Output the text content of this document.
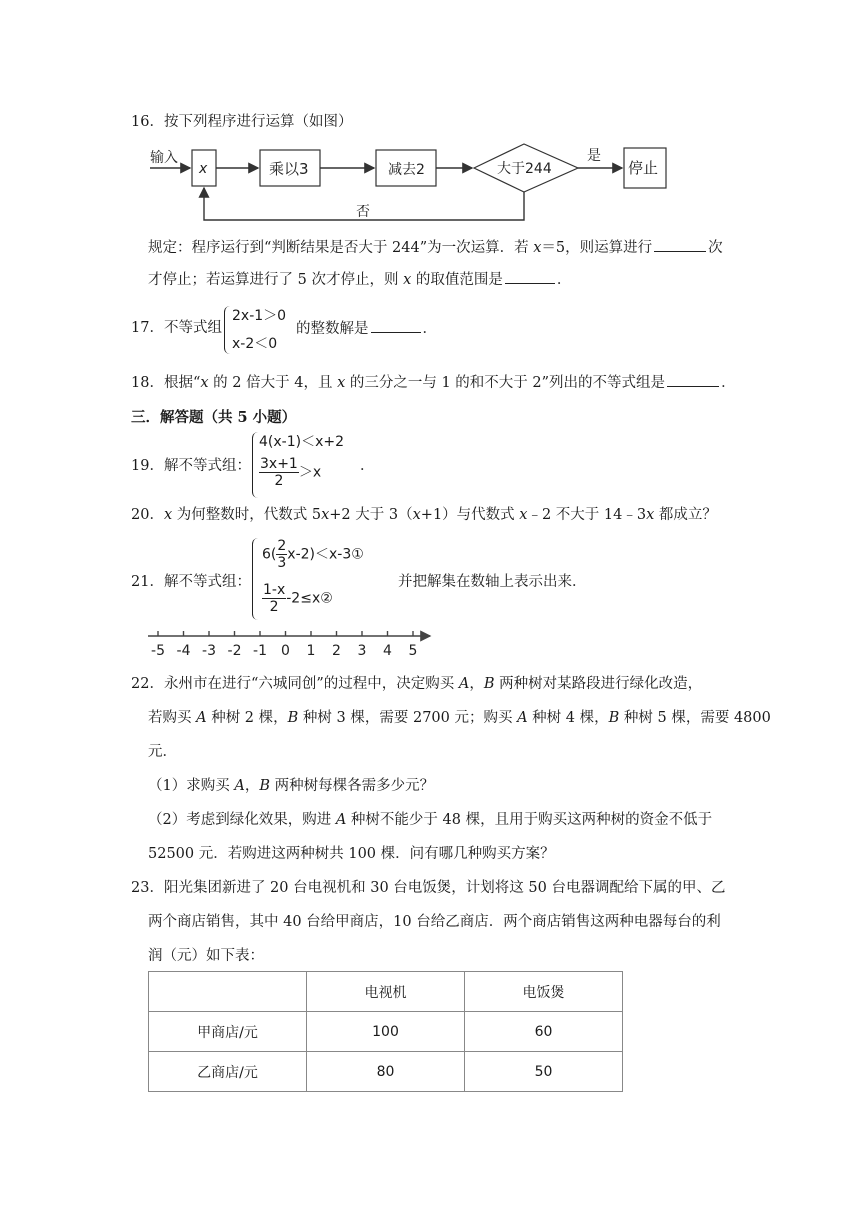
16．按下列程序进行运算（如图）
输入
x	乘以3	减去2	大于244
是
停止
否
规定：程序运行到“判断结果是否大于 244”为一次运算．若 x＝5，则运算进行	次
才停止；若运算进行了 5 次才停止，则 x 的取值范围是	．
17．不等式组
2x-1＞0
x-2＜0
的整数解是	．
18．根据“x 的 2 倍大于 4，且 x 的三分之一与 1 的和不大于 2”列出的不等式组是	．
三．解答题（共 5 小题）
19．解不等式组：
4(x-1)＜x+2
$\frac{3x+1}{2} >x$	．
20．x 为何整数时，代数式 5x+2 大于 3（x+1）与代数式 x﹣2 不大于 14﹣3x 都成立？
21．解不等式组：
$6( \frac{2}{3}$ x-2)＜x-3①
$\frac{1-x}{2}$ -2≤x②
并把解集在数轴上表示出来．
-5 -4 -3 -2 -1 0 1 2 3 4 5
22．永州市在进行“六城同创”的过程中，决定购买 A，B 两种树对某路段进行绿化改造，
若购买 A 种树 2 棵，B 种树 3 棵，需要 2700 元；购买 A 种树 4 棵，B 种树 5 棵，需要 4800
元．
（1）求购买 A，B 两种树每棵各需多少元？
（2）考虑到绿化效果，购进 A 种树不能少于 48 棵，且用于购买这两种树的资金不低于
52500 元．若购进这两种树共 100 棵．问有哪几种购买方案？
23．阳光集团新进了 20 台电视机和 30 台电饭煲，计划将这 50 台电器调配给下属的甲、乙
两个商店销售，其中 40 台给甲商店，10 台给乙商店．两个商店销售这两种电器每台的利
润（元）如下表：
	电视机	电饭煲
甲商店/元	100	60
乙商店/元	80	50
